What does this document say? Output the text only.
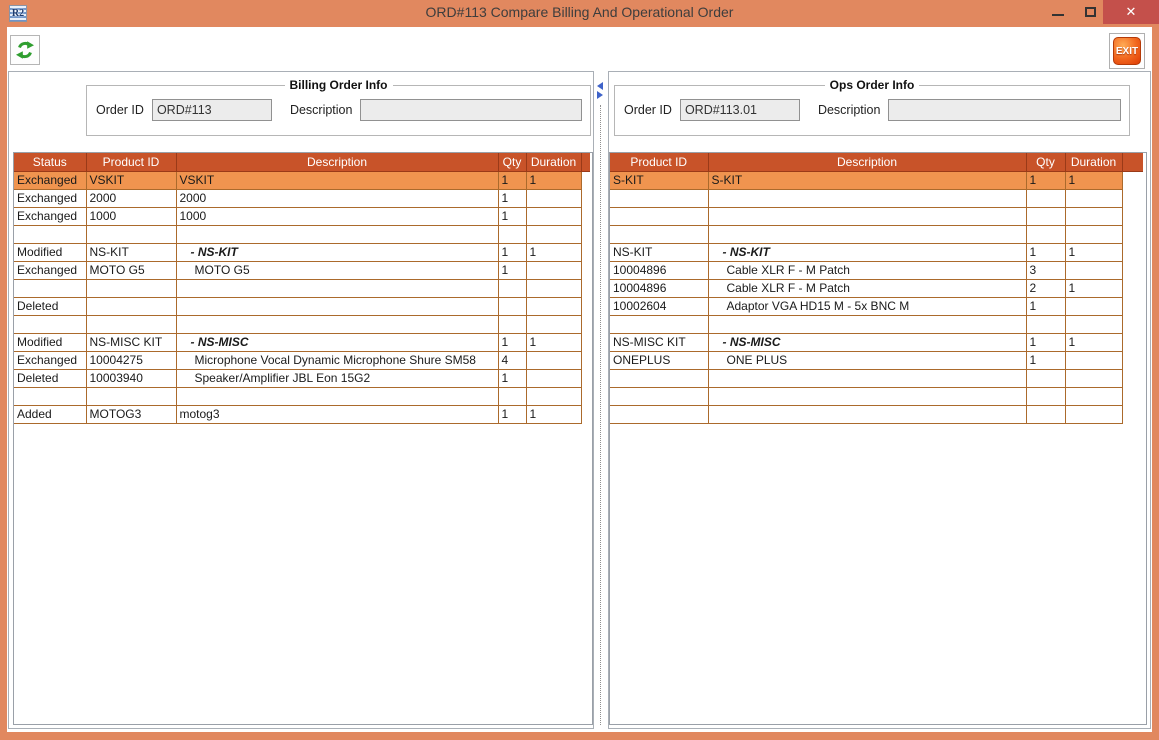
R2	ORD#113 Compare Billing And Operational Order	✕
EXIT
Billing Order Info
Order ID
ORD#113	Description
Status	Product ID	Description	Qty	Duration
Exchanged	VSKIT	VSKIT	1	1
Exchanged	2000	2000	1	
Exchanged	1000	1000	1	

Modified	NS-KIT	- NS-KIT	1	1
Exchanged	MOTO G5	MOTO G5	1	

Deleted				

Modified	NS-MISC KIT	- NS-MISC	1	1
Exchanged	10004275	Microphone Vocal Dynamic Microphone Shure SM58	4	
Deleted	10003940	Speaker/Amplifier JBL Eon 15G2	1	

Added	MOTOG3	motog3	1	1
Ops Order Info
Order ID
ORD#113.01	Description
Product ID	Description	Qty	Duration
S-KIT	S-KIT	1	1

NS-KIT	- NS-KIT	1	1
10004896	Cable XLR F - M Patch	3	
10004896	Cable XLR F - M Patch	2	1
10002604	Adaptor VGA HD15 M - 5x BNC M	1	

NS-MISC KIT	- NS-MISC	1	1
ONEPLUS	ONE PLUS	1	
